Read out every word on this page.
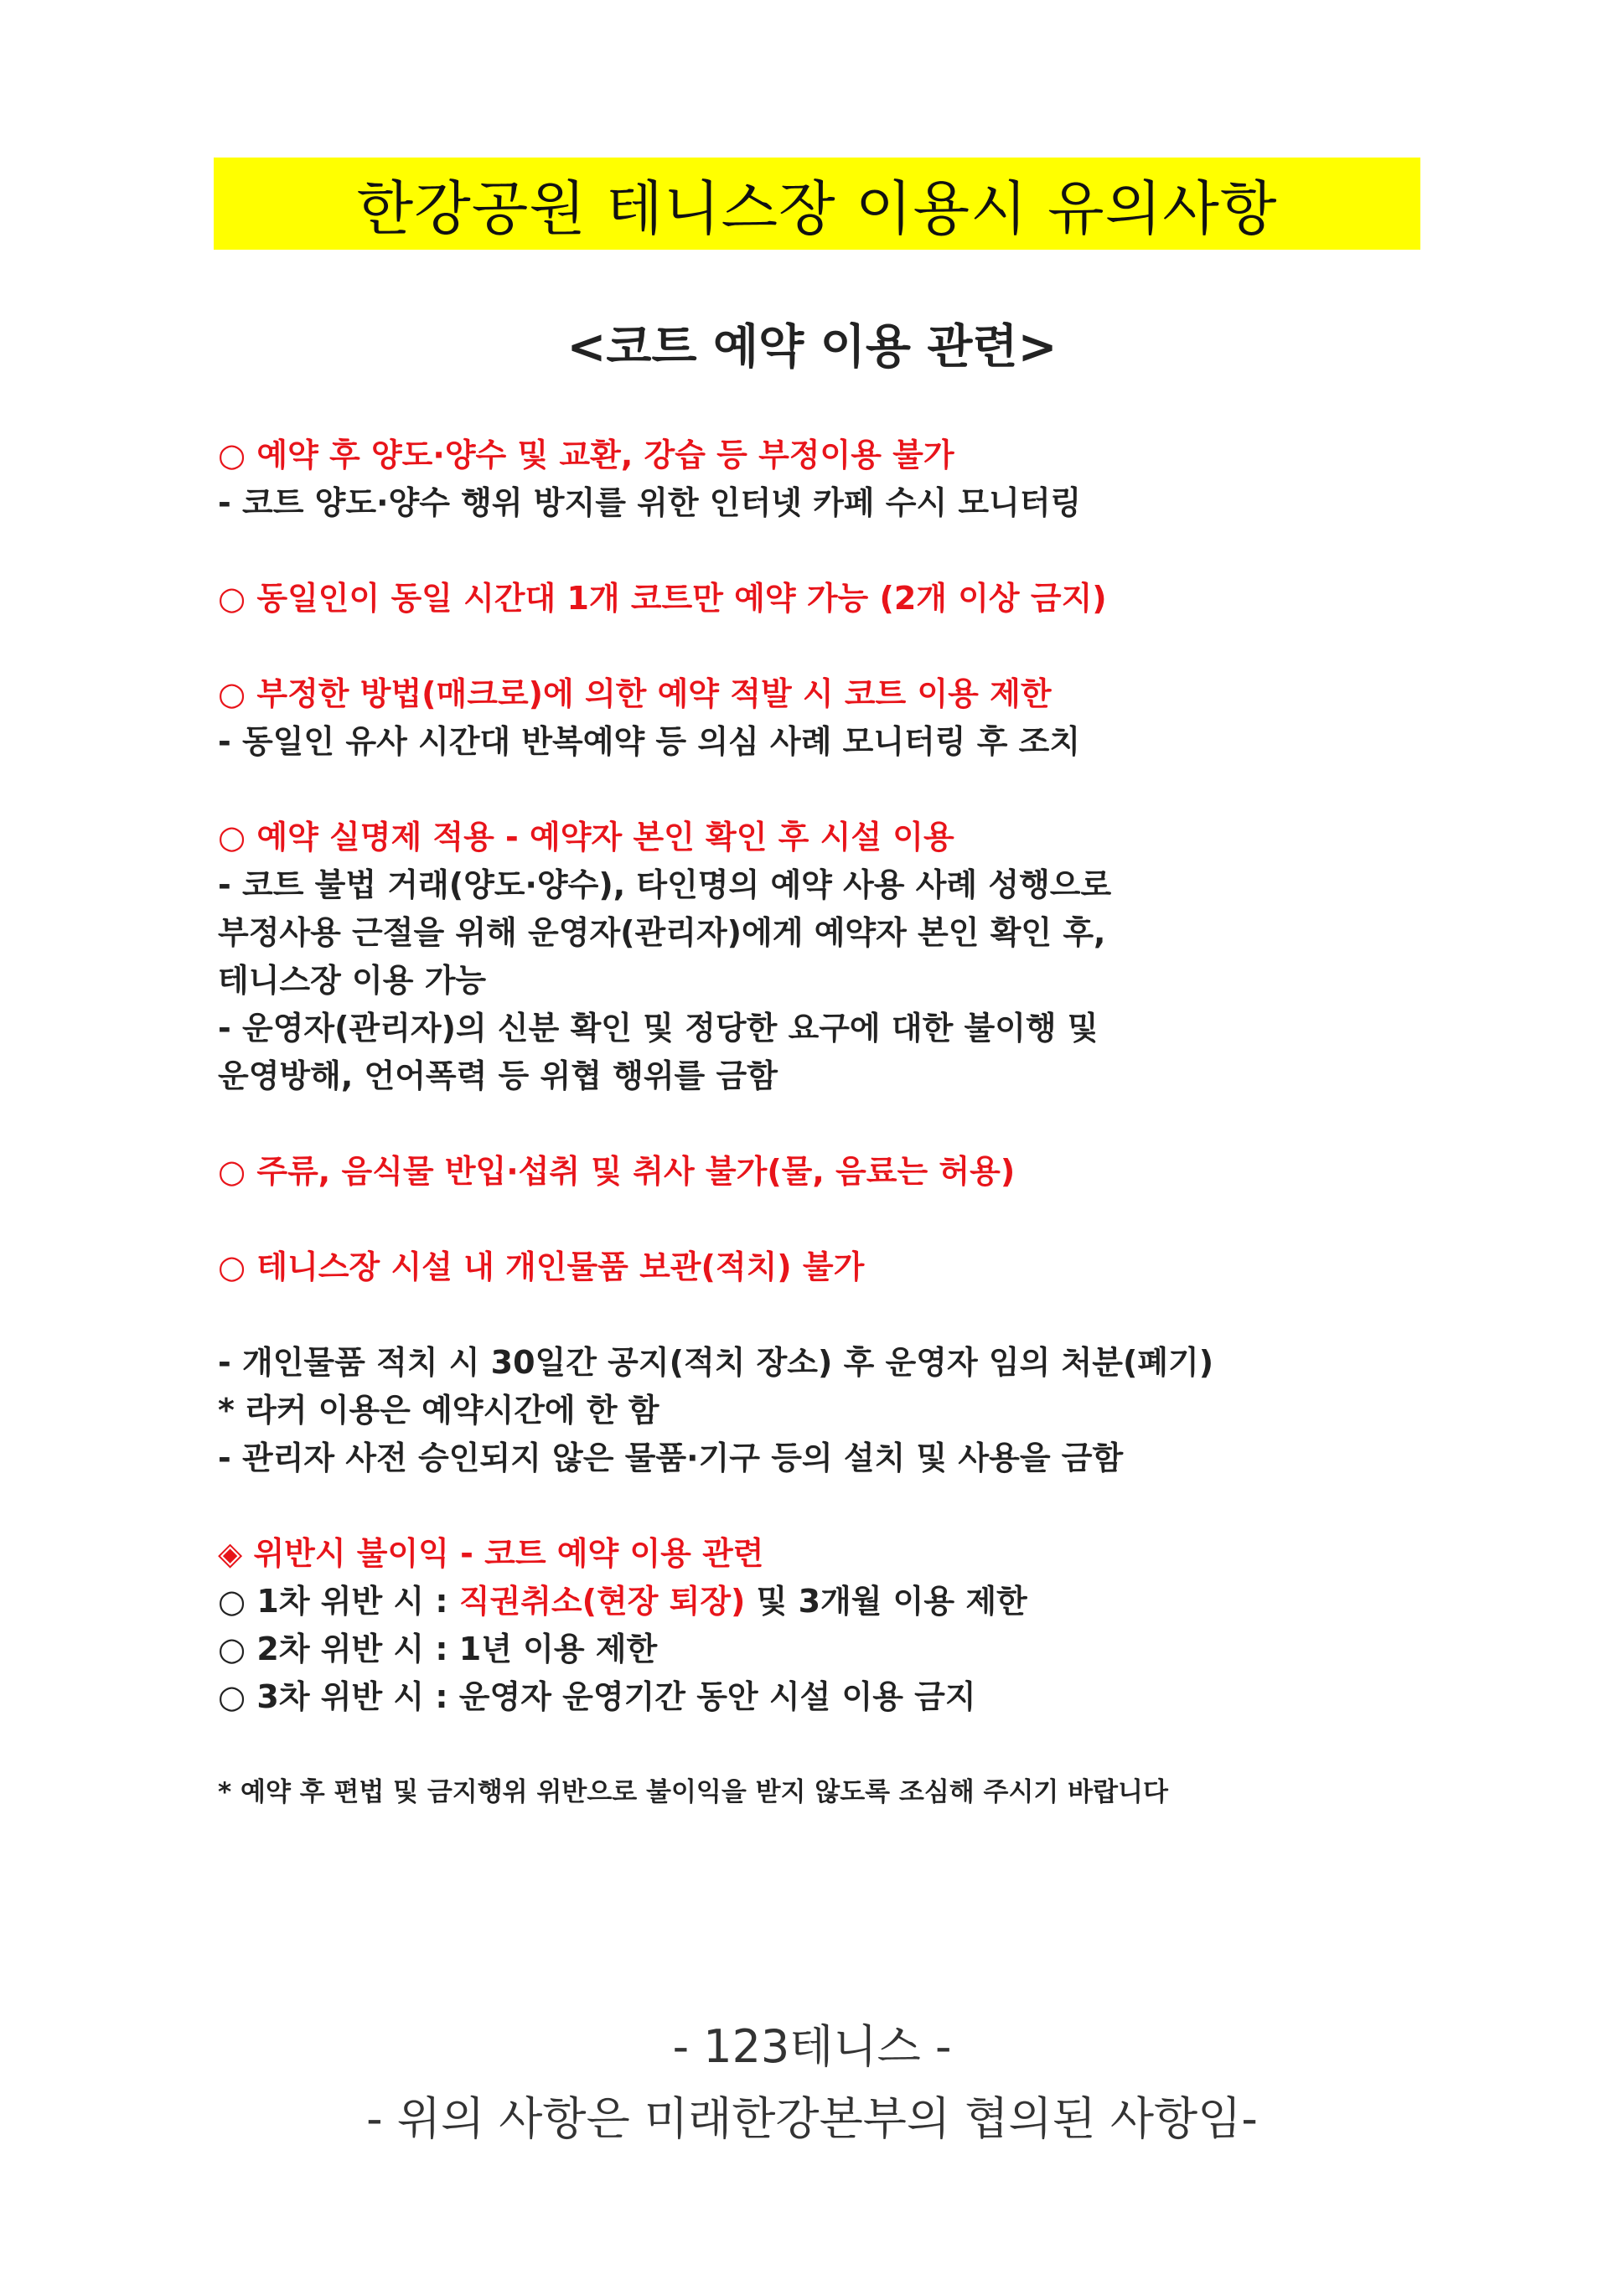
한강공원 테니스장 이용시 유의사항
<코트 예약 이용 관련>
○ 예약 후 양도·양수 및 교환, 강습 등 부정이용 불가
- 코트 양도·양수 행위 방지를 위한 인터넷 카페 수시 모니터링
○ 동일인이 동일 시간대 1개 코트만 예약 가능 (2개 이상 금지)
○ 부정한 방법(매크로)에 의한 예약 적발 시 코트 이용 제한
- 동일인 유사 시간대 반복예약 등 의심 사례 모니터링 후 조치
○ 예약 실명제 적용 - 예약자 본인 확인 후 시설 이용
- 코트 불법 거래(양도·양수), 타인명의 예약 사용 사례 성행으로
부정사용 근절을 위해 운영자(관리자)에게 예약자 본인 확인 후,
테니스장 이용 가능
- 운영자(관리자)의 신분 확인 및 정당한 요구에 대한 불이행 및
운영방해, 언어폭력 등 위협 행위를 금함
○ 주류, 음식물 반입·섭취 및 취사 불가(물, 음료는 허용)
○ 테니스장 시설 내 개인물품 보관(적치) 불가
- 개인물품 적치 시 30일간 공지(적치 장소) 후 운영자 임의 처분(폐기)
* 라커 이용은 예약시간에 한 함
- 관리자 사전 승인되지 않은 물품·기구 등의 설치 및 사용을 금함
◈ 위반시 불이익 - 코트 예약 이용 관련
○ 1차 위반 시 : 직권취소(현장 퇴장) 및 3개월 이용 제한
○ 2차 위반 시 : 1년 이용 제한
○ 3차 위반 시 : 운영자 운영기간 동안 시설 이용 금지
* 예약 후 편법 및 금지행위 위반으로 불이익을 받지 않도록 조심해 주시기 바랍니다
- 123테니스 -
- 위의 사항은 미래한강본부의 협의된 사항임-
